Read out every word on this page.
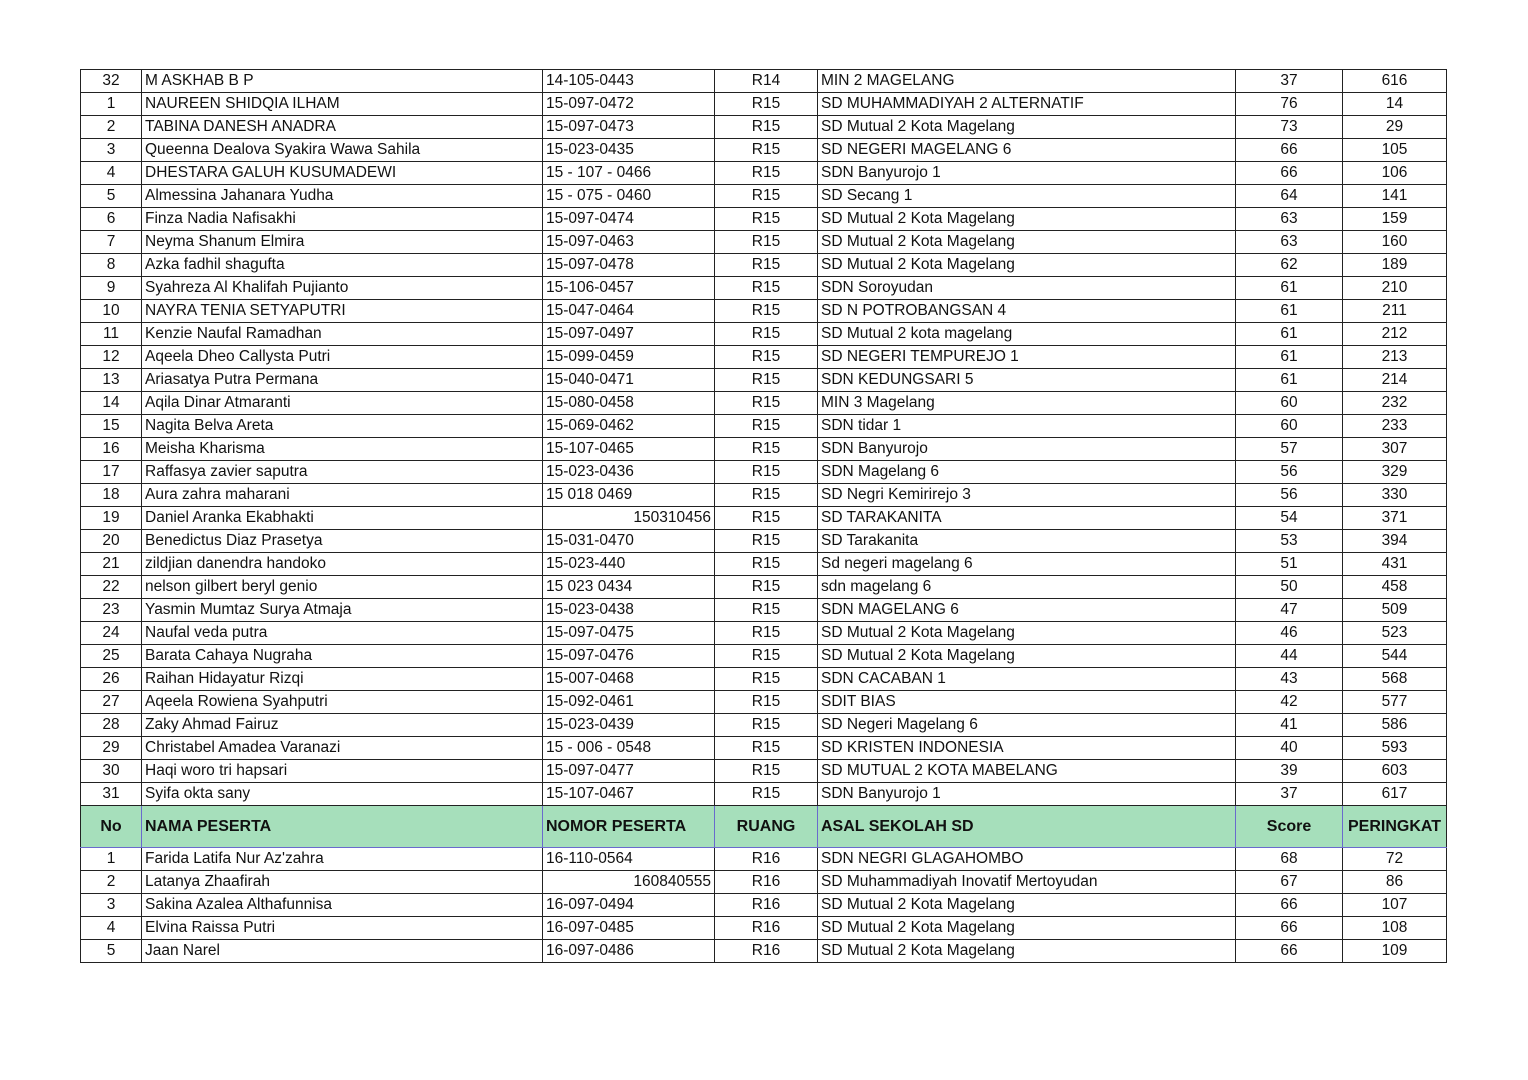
32	M ASKHAB B P	14-105-0443	R14	MIN 2 MAGELANG	37	616
1	NAUREEN SHIDQIA ILHAM	15-097-0472	R15	SD MUHAMMADIYAH 2 ALTERNATIF	76	14
2	TABINA DANESH ANADRA	15-097-0473	R15	SD Mutual 2 Kota Magelang	73	29
3	Queenna Dealova Syakira Wawa Sahila	15-023-0435	R15	SD NEGERI MAGELANG 6	66	105
4	DHESTARA GALUH KUSUMADEWI	15 - 107 - 0466	R15	SDN Banyurojo 1	66	106
5	Almessina Jahanara Yudha	15 - 075 - 0460	R15	SD Secang 1	64	141
6	Finza Nadia Nafisakhi	15-097-0474	R15	SD Mutual 2 Kota Magelang	63	159
7	Neyma Shanum Elmira	15-097-0463	R15	SD Mutual 2 Kota Magelang	63	160
8	Azka fadhil shagufta	15-097-0478	R15	SD Mutual 2 Kota Magelang	62	189
9	Syahreza Al Khalifah Pujianto	15-106-0457	R15	SDN Soroyudan	61	210
10	NAYRA TENIA SETYAPUTRI	15-047-0464	R15	SD N POTROBANGSAN 4	61	211
11	Kenzie Naufal Ramadhan	15-097-0497	R15	SD Mutual 2 kota magelang	61	212
12	Aqeela Dheo Callysta Putri	15-099-0459	R15	SD NEGERI TEMPUREJO 1	61	213
13	Ariasatya Putra Permana	15-040-0471	R15	SDN KEDUNGSARI 5	61	214
14	Aqila Dinar Atmaranti	15-080-0458	R15	MIN 3 Magelang	60	232
15	Nagita Belva Areta	15-069-0462	R15	SDN tidar 1	60	233
16	Meisha Kharisma	15-107-0465	R15	SDN Banyurojo	57	307
17	Raffasya zavier saputra	15-023-0436	R15	SDN Magelang 6	56	329
18	Aura zahra maharani	15 018 0469	R15	SD Negri Kemirirejo 3	56	330
19	Daniel Aranka Ekabhakti	150310456	R15	SD TARAKANITA	54	371
20	Benedictus Diaz Prasetya	15-031-0470	R15	SD Tarakanita	53	394
21	zildjian danendra handoko	15-023-440	R15	Sd negeri magelang 6	51	431
22	nelson gilbert beryl genio	15 023 0434	R15	sdn magelang 6	50	458
23	Yasmin Mumtaz Surya Atmaja	15-023-0438	R15	SDN MAGELANG 6	47	509
24	Naufal veda putra	15-097-0475	R15	SD Mutual 2 Kota Magelang	46	523
25	Barata Cahaya Nugraha	15-097-0476	R15	SD Mutual 2 Kota Magelang	44	544
26	Raihan Hidayatur Rizqi	15-007-0468	R15	SDN CACABAN 1	43	568
27	Aqeela Rowiena Syahputri	15-092-0461	R15	SDIT BIAS	42	577
28	Zaky Ahmad Fairuz	15-023-0439	R15	SD Negeri Magelang 6	41	586
29	Christabel Amadea Varanazi	15 - 006 - 0548	R15	SD KRISTEN INDONESIA	40	593
30	Haqi woro tri hapsari	15-097-0477	R15	SD MUTUAL 2 KOTA MABELANG	39	603
31	Syifa okta sany	15-107-0467	R15	SDN Banyurojo 1	37	617
No	NAMA PESERTA	NOMOR PESERTA	RUANG	ASAL SEKOLAH SD	Score	PERINGKAT
1	Farida Latifa Nur Az'zahra	16-110-0564	R16	SDN NEGRI GLAGAHOMBO	68	72
2	Latanya Zhaafirah	160840555	R16	SD Muhammadiyah Inovatif Mertoyudan	67	86
3	Sakina Azalea Althafunnisa	16-097-0494	R16	SD Mutual 2 Kota Magelang	66	107
4	Elvina Raissa Putri	16-097-0485	R16	SD Mutual 2 Kota Magelang	66	108
5	Jaan Narel	16-097-0486	R16	SD Mutual 2 Kota Magelang	66	109
